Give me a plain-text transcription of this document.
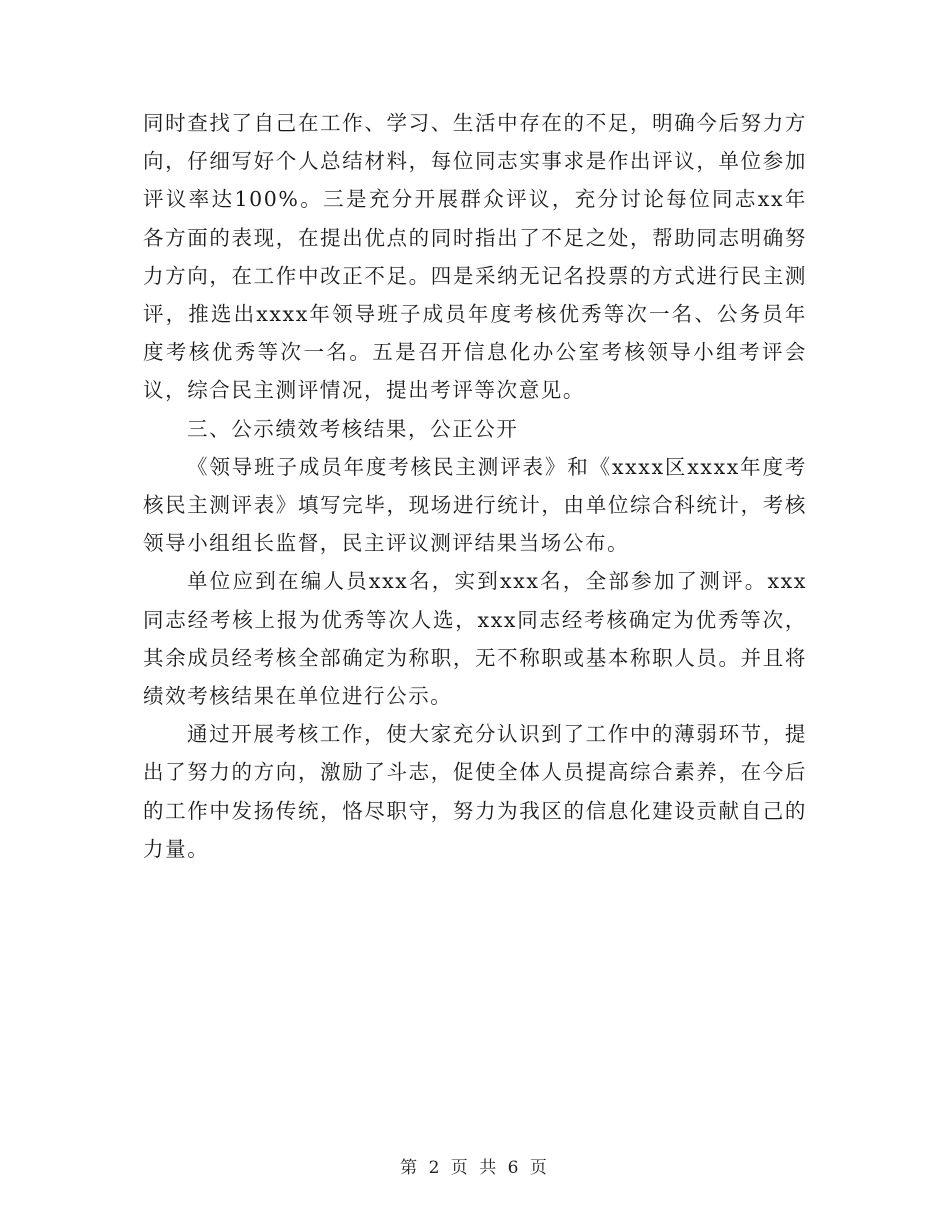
同时查找了自己在工作、学习、生活中存在的不足，明确今后努力方向，仔细写好个人总结材料，每位同志实事求是作出评议，单位参加评议率达100%。三是充分开展群众评议，充分讨论每位同志xx年各方面的表现，在提出优点的同时指出了不足之处，帮助同志明确努力方向，在工作中改正不足。四是采纳无记名投票的方式进行民主测评，推选出xxxx年领导班子成员年度考核优秀等次一名、公务员年度考核优秀等次一名。五是召开信息化办公室考核领导小组考评会议，综合民主测评情况，提出考评等次意见。

三、公示绩效考核结果，公正公开

《领导班子成员年度考核民主测评表》和《xxxx区xxxx年度考核民主测评表》填写完毕，现场进行统计，由单位综合科统计，考核领导小组组长监督，民主评议测评结果当场公布。

单位应到在编人员xxx名，实到xxx名，全部参加了测评。xxx同志经考核上报为优秀等次人选，xxx同志经考核确定为优秀等次，其余成员经考核全部确定为称职，无不称职或基本称职人员。并且将绩效考核结果在单位进行公示。

通过开展考核工作，使大家充分认识到了工作中的薄弱环节，提出了努力的方向，激励了斗志，促使全体人员提高综合素养，在今后的工作中发扬传统，恪尽职守，努力为我区的信息化建设贡献自己的力量。

第 2 页 共 6 页
